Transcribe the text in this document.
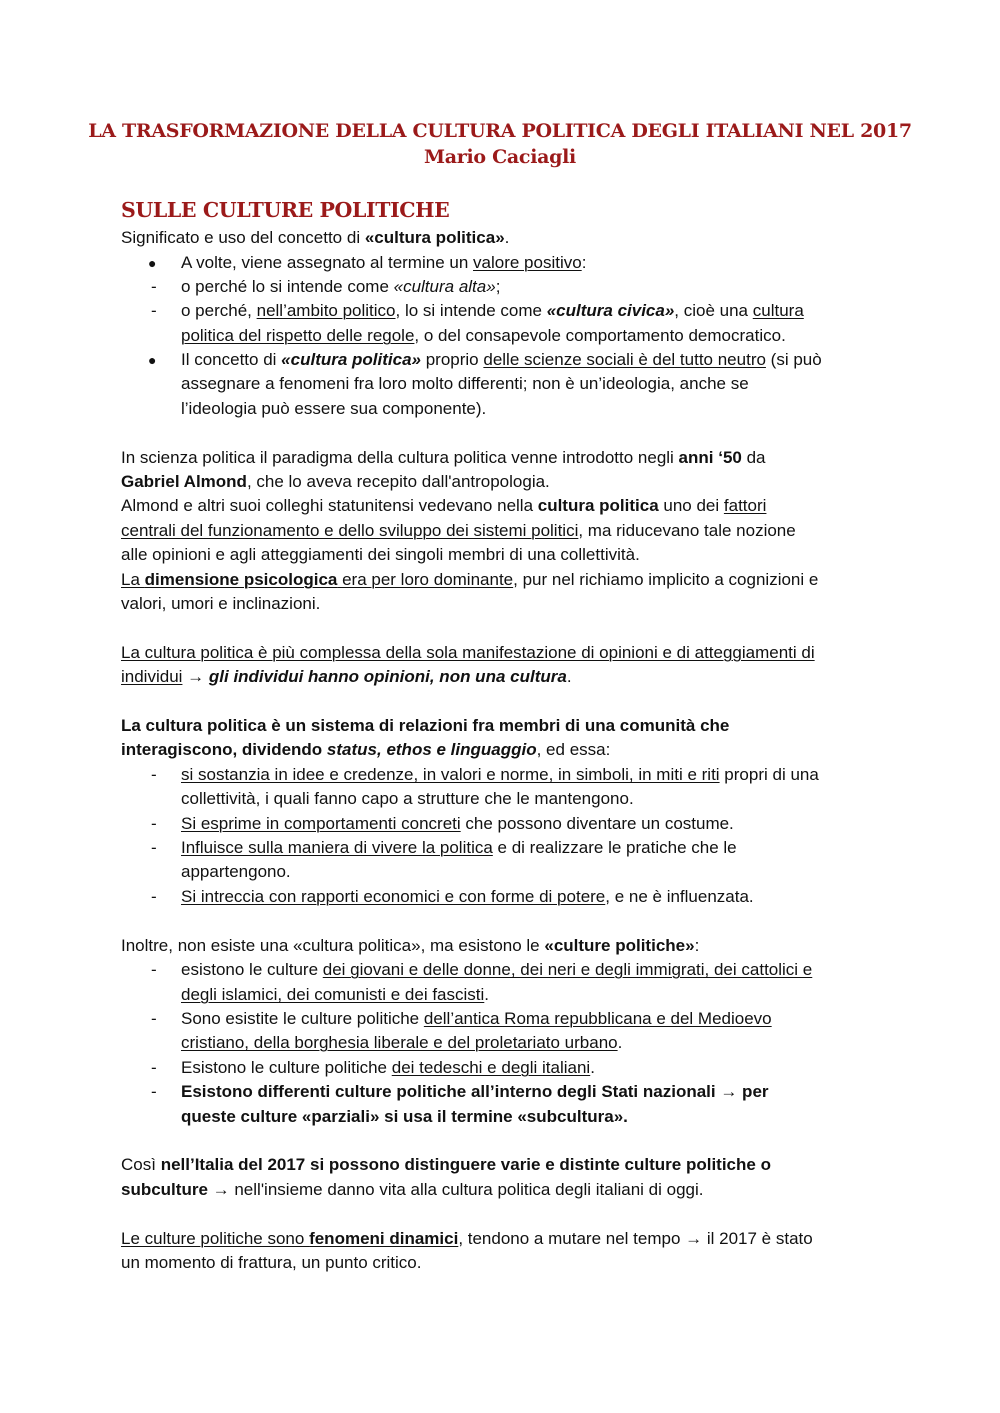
LA TRASFORMAZIONE DELLA CULTURA POLITICA DEGLI ITALIANI NEL 2017
Mario Caciagli
SULLE CULTURE POLITICHE
●
-
-
●
-
-
-
-
-
-
-
-
Significato e uso del concetto di «cultura politica».
A volte, viene assegnato al termine un valore positivo:
o perché lo si intende come «cultura alta»;
o perché, nell’ambito politico, lo si intende come «cultura civica», cioè una cultura
politica del rispetto delle regole, o del consapevole comportamento democratico.
Il concetto di «cultura politica» proprio delle scienze sociali è del tutto neutro (si può
assegnare a fenomeni fra loro molto differenti; non è un’ideologia, anche se
l’ideologia può essere sua componente).
In scienza politica il paradigma della cultura politica venne introdotto negli anni ‘50 da
Gabriel Almond, che lo aveva recepito dall'antropologia.
Almond e altri suoi colleghi statunitensi vedevano nella cultura politica uno dei fattori
centrali del funzionamento e dello sviluppo dei sistemi politici, ma riducevano tale nozione
alle opinioni e agli atteggiamenti dei singoli membri di una collettività.
La dimensione psicologica era per loro dominante, pur nel richiamo implicito a cognizioni e
valori, umori e inclinazioni.
La cultura politica è più complessa della sola manifestazione di opinioni e di atteggiamenti di
individui → gli individui hanno opinioni, non una cultura.
La cultura politica è un sistema di relazioni fra membri di una comunità che
interagiscono, dividendo status, ethos e linguaggio, ed essa:
si sostanzia in idee e credenze, in valori e norme, in simboli, in miti e riti propri di una
collettività, i quali fanno capo a strutture che le mantengono.
Si esprime in comportamenti concreti che possono diventare un costume.
Influisce sulla maniera di vivere la politica e di realizzare le pratiche che le
appartengono.
Si intreccia con rapporti economici e con forme di potere, e ne è influenzata.
Inoltre, non esiste una «cultura politica», ma esistono le «culture politiche»:
esistono le culture dei giovani e delle donne, dei neri e degli immigrati, dei cattolici e
degli islamici, dei comunisti e dei fascisti.
Sono esistite le culture politiche dell’antica Roma repubblicana e del Medioevo
cristiano, della borghesia liberale e del proletariato urbano.
Esistono le culture politiche dei tedeschi e degli italiani.
Esistono differenti culture politiche all’interno degli Stati nazionali → per
queste culture «parziali» si usa il termine «subcultura».
Così nell’Italia del 2017 si possono distinguere varie e distinte culture politiche o
subculture → nell'insieme danno vita alla cultura politica degli italiani di oggi.
Le culture politiche sono fenomeni dinamici, tendono a mutare nel tempo → il 2017 è stato
un momento di frattura, un punto critico.
